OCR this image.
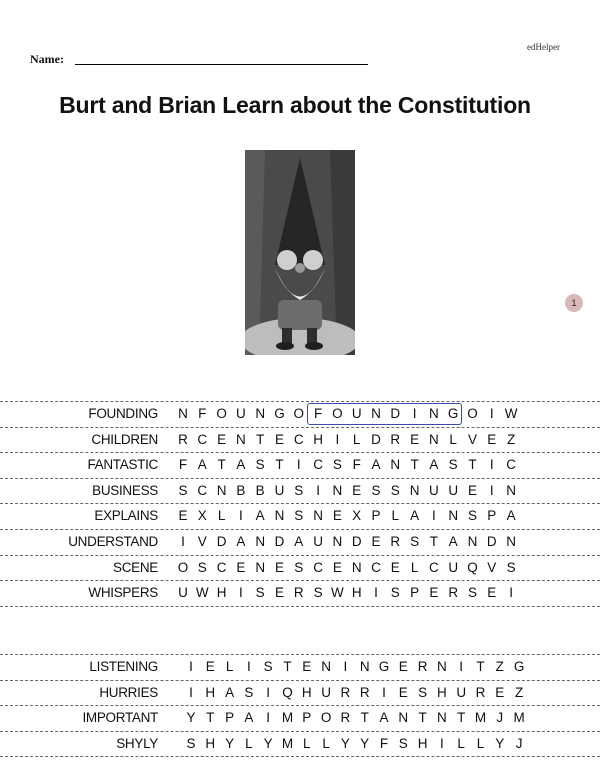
edHelper
Name:
Burt and Brian Learn about the Constitution
1
FOUNDING N F O U N G O F O U N D I N G O I W
CHILDREN R C E N T E C H I	L D R E N L V E Z
FANTASTIC F A T A S T I C S F A N T A S T I C
BUSINESS S C N B B U S I N E S S N U U E I N
EXPLAINS E X L	I A N S N E X P L A I N S P A
UNDERSTAND	I V D A N D A U N D E R S T A N D N
SCENE O S C E N E S C E N C E L C U Q V S
WHISPERS U W H I S E R S W H I S P E R S E I
LISTENING	I E L	I S T E N I N G E R N I T Z G
HURRIES	I H A S I Q H U R R I E S H U R E Z
IMPORTANT Y T P A I M P O R T A N T N T M J M
SHYLY S H Y L Y M L L Y Y F S H I	L L Y J
